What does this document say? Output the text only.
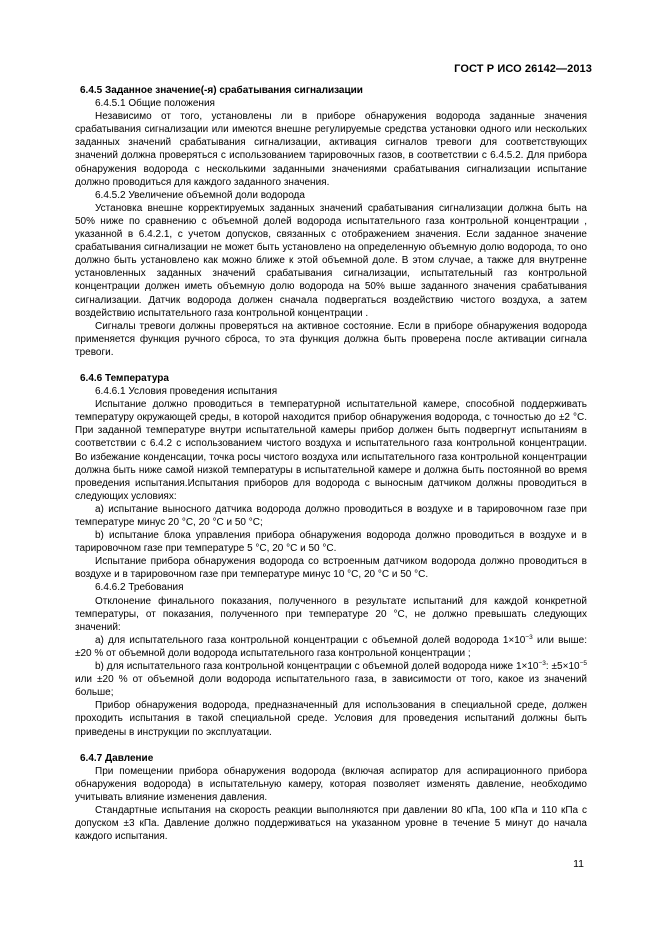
ГОСТ Р ИСО 26142—2013

6.4.5 Заданное значение(-я) срабатывания сигнализации

6.4.5.1 Общие положения

Независимо от того, установлены ли в приборе обнаружения водорода заданные значения срабатывания сигнализации или имеются внешне регулируемые средства установки одного или нескольких заданных значений срабатывания сигнализации, активация сигналов тревоги для соответствующих значений должна проверяться с использованием тарировочных газов, в соответствии с 6.4.5.2. Для прибора обнаружения водорода с несколькими заданными значениями срабатывания сигнализации испытание должно проводиться для каждого заданного значения.

6.4.5.2 Увеличение объемной доли водорода

Установка внешне корректируемых заданных значений срабатывания сигнализации должна быть на 50% ниже по сравнению с объемной долей водорода испытательного газа контрольной концентрации , указанной в 6.4.2.1, с учетом допусков, связанных с отображением значения. Если заданное значение срабатывания сигнализации не может быть установлено на определенную объемную долю водорода, то оно должно быть установлено как можно ближе к этой объемной доле. В этом случае, а также для внутренне установленных заданных значений срабатывания сигнализации, испытательный газ контрольной концентрации должен иметь объемную долю водорода на 50% выше заданного значения срабатывания сигнализации. Датчик водорода должен сначала подвергаться воздействию чистого воздуха, а затем воздействию испытательного газа контрольной концентрации .

Сигналы тревоги должны проверяться на активное состояние. Если в приборе обнаружения водорода применяется функция ручного сброса, то эта функция должна быть проверена после активации сигнала тревоги.

6.4.6 Температура

6.4.6.1 Условия проведения испытания

Испытание должно проводиться в температурной испытательной камере, способной поддерживать температуру окружающей среды, в которой находится прибор обнаружения водорода, с точностью до ±2 °С. При заданной температуре внутри испытательной камеры прибор должен быть подвергнут испытаниям в соответствии с 6.4.2 с использованием чистого воздуха и испытательного газа контрольной концентрации. Во избежание конденсации, точка росы чистого воздуха или испытательного газа контрольной концентрации должна быть ниже самой низкой температуры в испытательной камере и должна быть постоянной во время проведения испытания.Испытания приборов для водорода с выносным датчиком должны проводиться в следующих условиях:

а) испытание выносного датчика водорода должно проводиться в воздухе и в тарировочном газе при температуре минус 20 °С, 20 °С и 50 °С;

b) испытание блока управления прибора обнаружения водорода должно проводиться в воздухе и в тарировочном газе при температуре 5 °С, 20 °С и 50 °С.

Испытание прибора обнаружения водорода со встроенным датчиком водорода должно проводиться в воздухе и в тарировочном газе при температуре минус 10 °С, 20 °С и 50 °С.

6.4.6.2 Требования

Отклонение финального показания, полученного в результате испытаний для каждой конкретной температуры, от показания, полученного при температуре 20 °С, не должно превышать следующих значений:

а) для испытательного газа контрольной концентрации с объемной долей водорода $1\times 10^{-3}$ или выше: ±20 % от объемной доли водорода испытательного газа контрольной концентрации ;

b) для испытательного газа контрольной концентрации с объемной долей водорода ниже $1\times 10^{-3}$: $\pm 5\times 10^{-5}$ или ±20 % от объемной доли водорода испытательного газа, в зависимости от того, какое из значений больше;

Прибор обнаружения водорода, предназначенный для использования в специальной среде, должен проходить испытания в такой специальной среде. Условия для проведения испытаний должны быть приведены в инструкции по эксплуатации.

6.4.7 Давление

При помещении прибора обнаружения водорода (включая аспиратор для аспирационного прибора обнаружения водорода) в испытательную камеру, которая позволяет изменять давление, необходимо учитывать влияние изменения давления.

Стандартные испытания на скорость реакции выполняются при давлении 80 кПа, 100 кПа и 110 кПа с допуском ±3 кПа. Давление должно поддерживаться на указанном уровне в течение 5 минут до начала каждого испытания.

11
